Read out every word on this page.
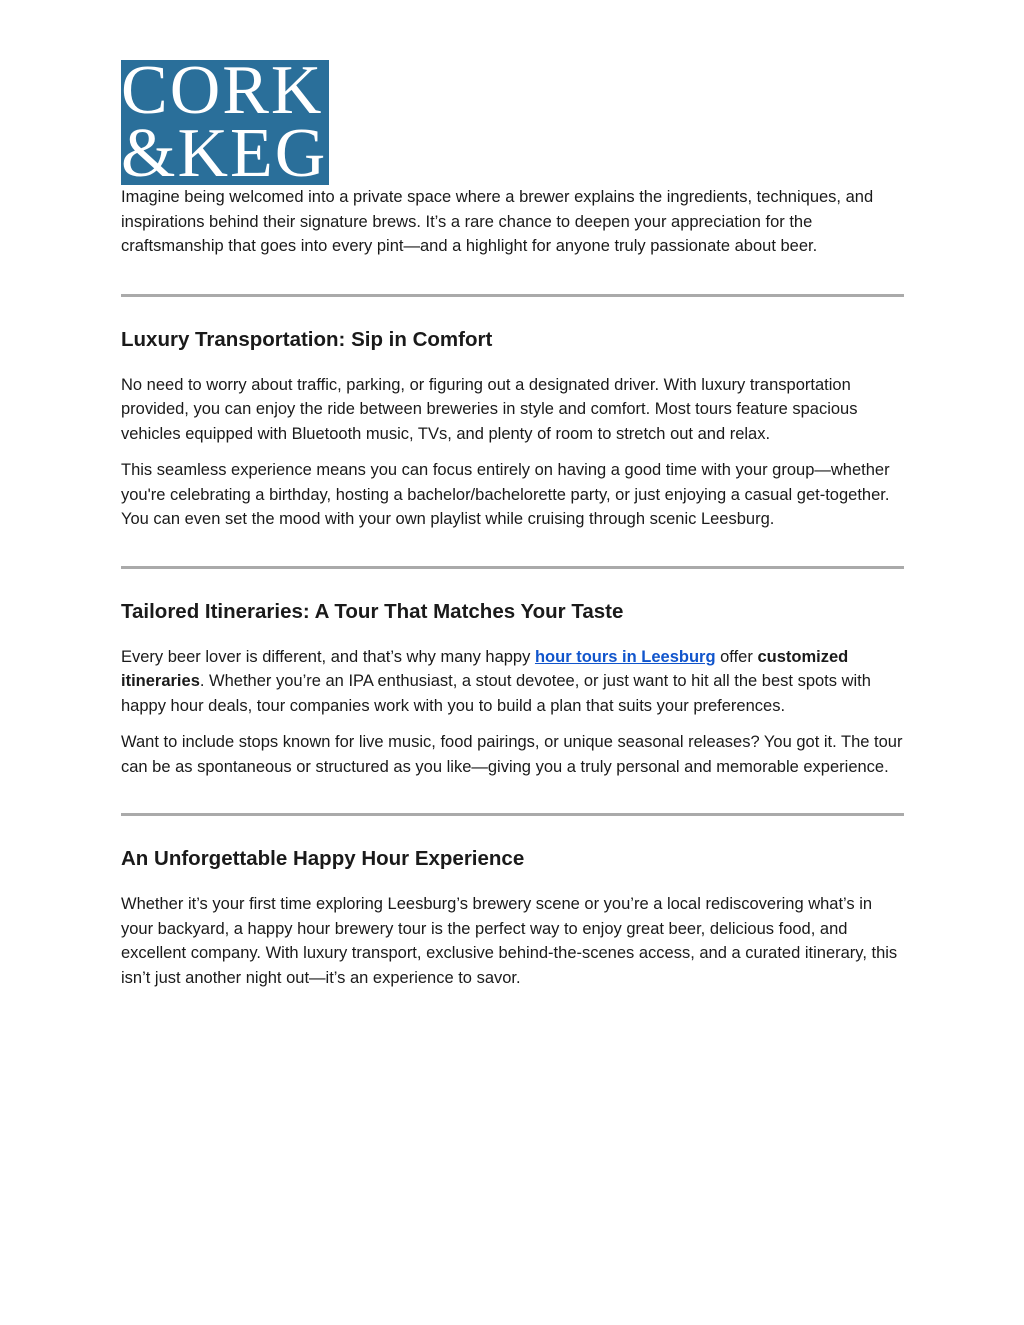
CORK
&KEG

Imagine being welcomed into a private space where a brewer explains the ingredients, techniques, and inspirations behind their signature brews. It’s a rare chance to deepen your appreciation for the craftsmanship that goes into every pint—and a highlight for anyone truly passionate about beer.

Luxury Transportation: Sip in Comfort

No need to worry about traffic, parking, or figuring out a designated driver. With luxury transportation provided, you can enjoy the ride between breweries in style and comfort. Most tours feature spacious vehicles equipped with Bluetooth music, TVs, and plenty of room to stretch out and relax.

This seamless experience means you can focus entirely on having a good time with your group—whether you're celebrating a birthday, hosting a bachelor/bachelorette party, or just enjoying a casual get-together. You can even set the mood with your own playlist while cruising through scenic Leesburg.

Tailored Itineraries: A Tour That Matches Your Taste

Every beer lover is different, and that’s why many happy hour tours in Leesburg offer customized itineraries. Whether you’re an IPA enthusiast, a stout devotee, or just want to hit all the best spots with happy hour deals, tour companies work with you to build a plan that suits your preferences.

Want to include stops known for live music, food pairings, or unique seasonal releases? You got it. The tour can be as spontaneous or structured as you like—giving you a truly personal and memorable experience.

An Unforgettable Happy Hour Experience

Whether it’s your first time exploring Leesburg’s brewery scene or you’re a local rediscovering what’s in your backyard, a happy hour brewery tour is the perfect way to enjoy great beer, delicious food, and excellent company. With luxury transport, exclusive behind-the-scenes access, and a curated itinerary, this isn’t just another night out—it’s an experience to savor.
